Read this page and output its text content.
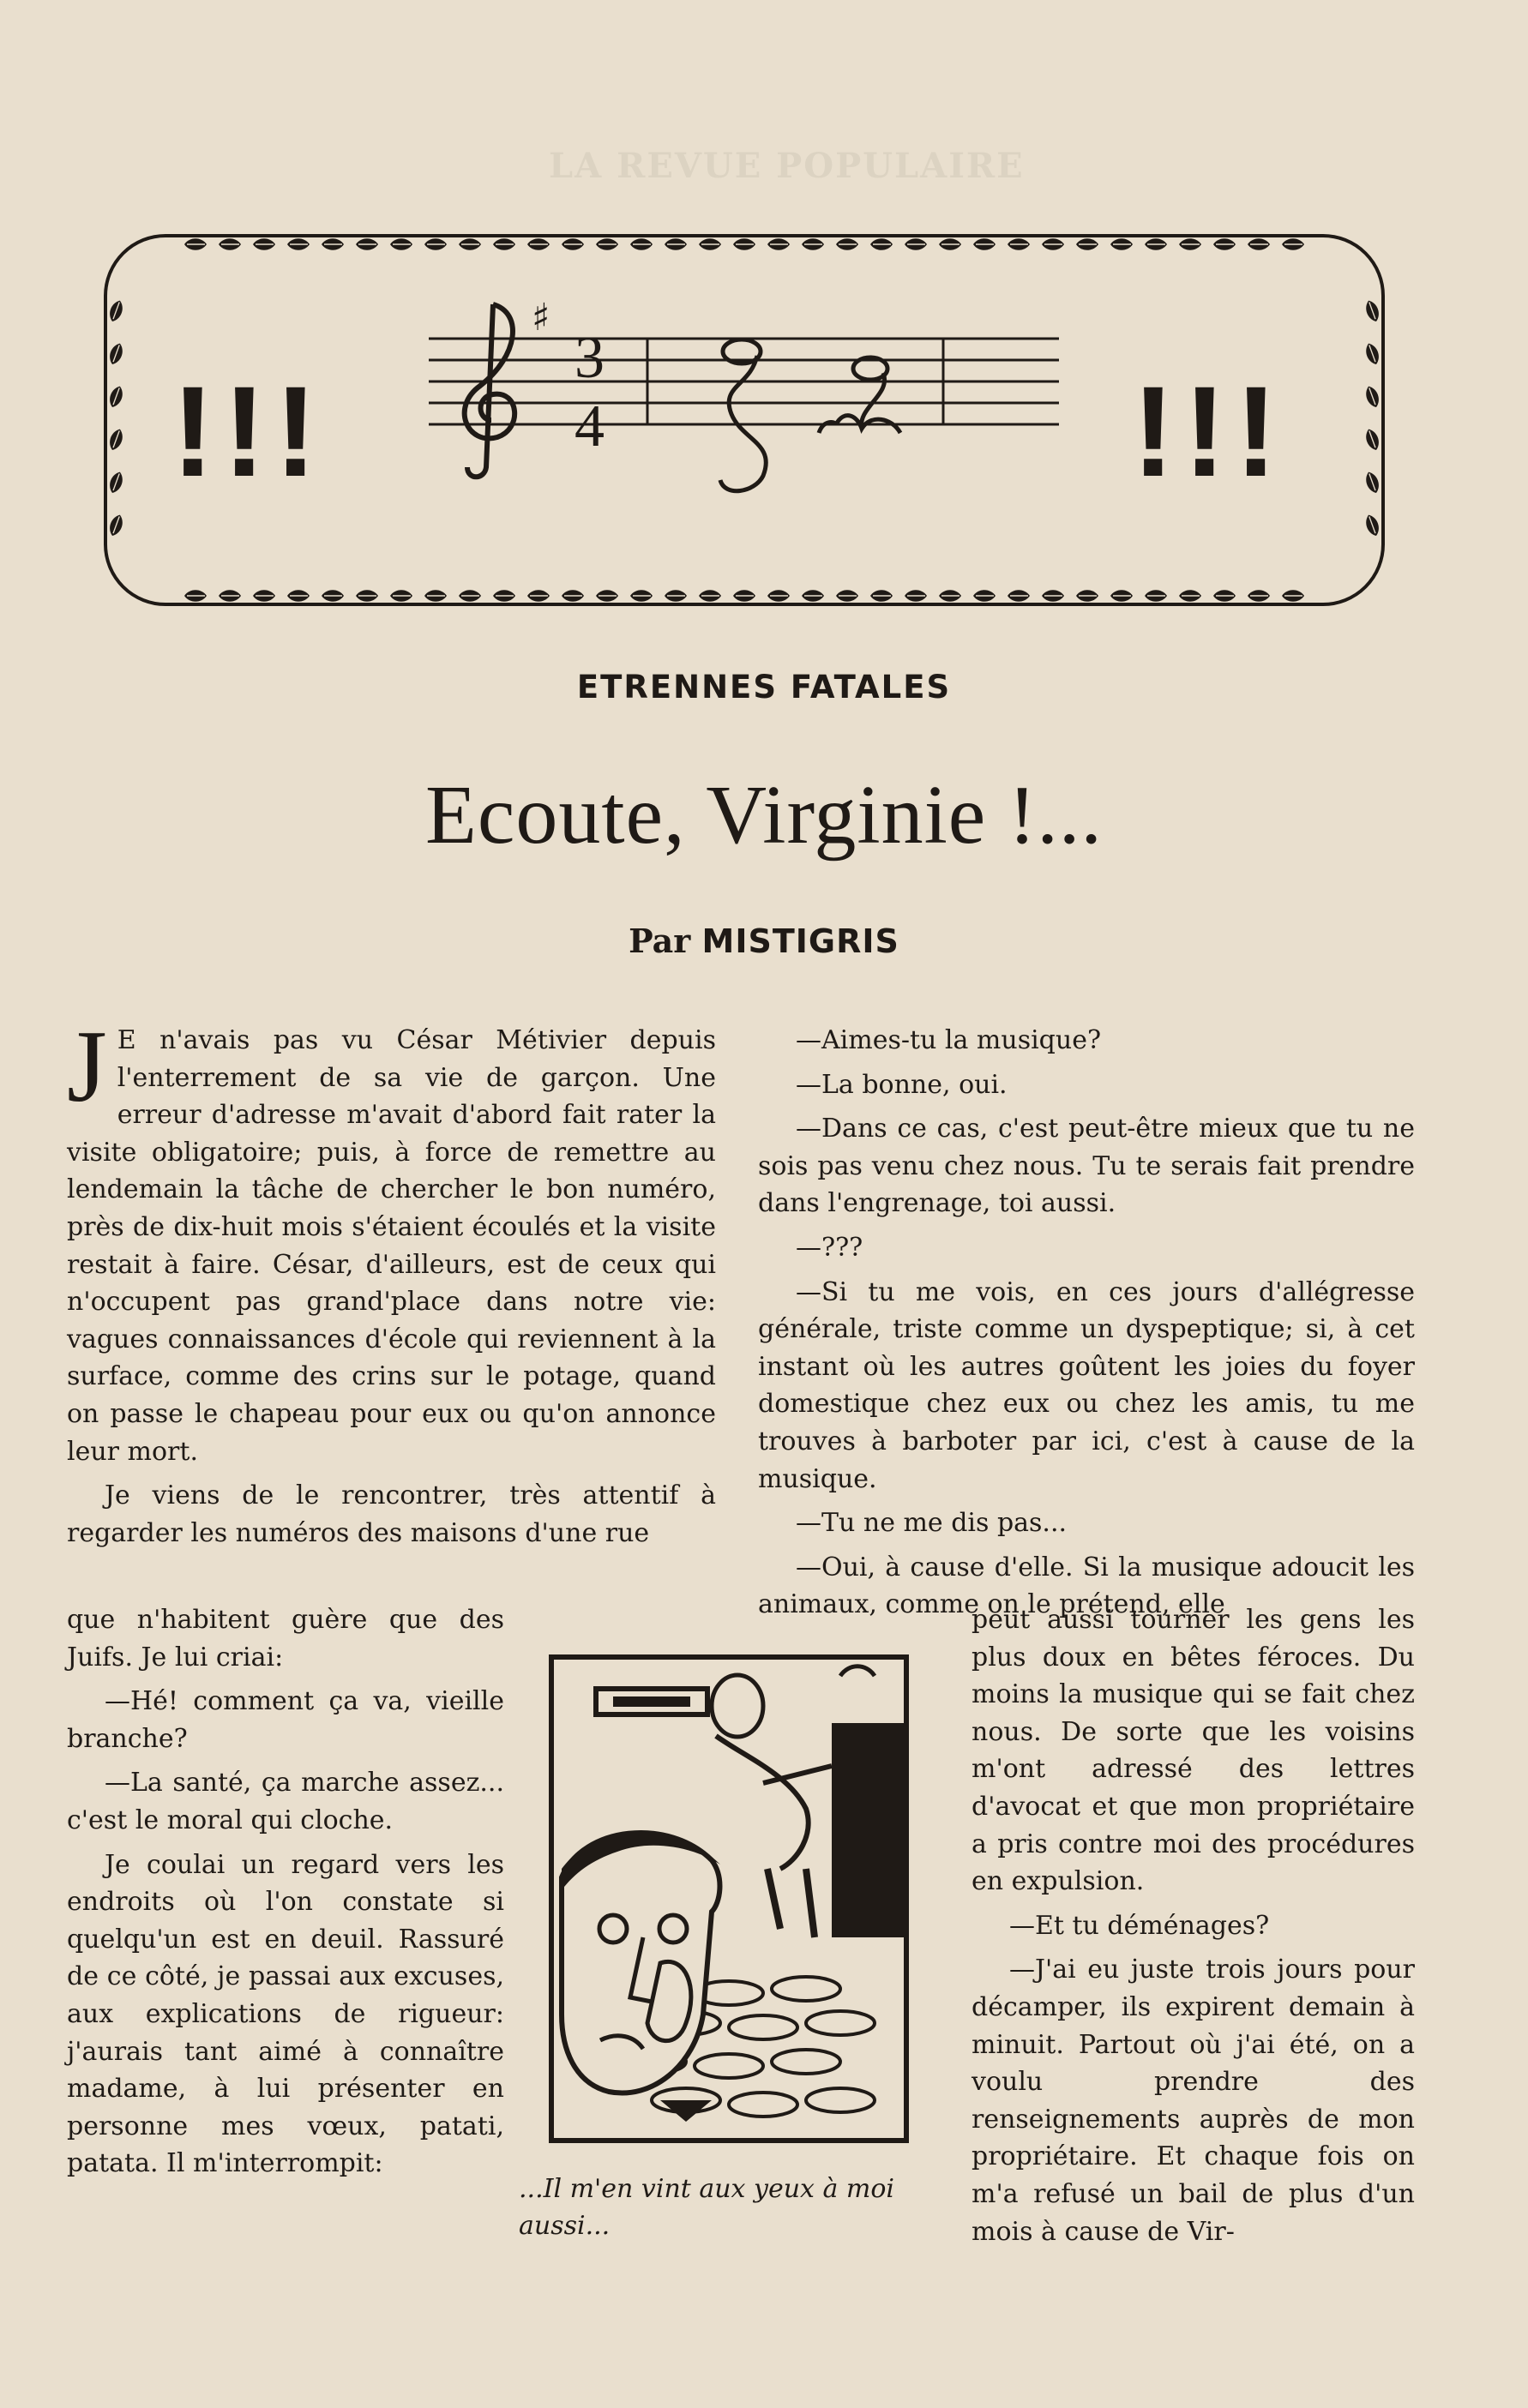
LA REVUE POPULAIRE
!!!	!!!
♯
3
4
ETRENNES FATALES
Ecoute, Virginie !...
Par MISTIGRIS

J E n'avais pas vu César Métivier depuis l'enterrement de sa vie de garçon. Une erreur d'adresse m'avait d'abord fait rater la visite obligatoire; puis, à force de remettre au lendemain la tâche de chercher le bon numéro, près de dix-huit mois s'étaient écoulés et la visite restait à faire. César, d'ailleurs, est de ceux qui n'occupent pas grand'place dans notre vie: vagues connaissances d'école qui reviennent à la surface, comme des crins sur le potage, quand on passe le chapeau pour eux ou qu'on annonce leur mort.

Je viens de le rencontrer, très attentif à regarder les numéros des maisons d'une rue

que n'habitent guère que des Juifs. Je lui criai:

—Hé! comment ça va, vieille branche?

—La santé, ça marche assez... c'est le moral qui cloche.

Je coulai un regard vers les endroits où l'on constate si quelqu'un est en deuil. Rassuré de ce côté, je passai aux excuses, aux explications de rigueur: j'aurais tant aimé à connaître madame, à lui présenter en personne mes vœux, patati, patata. Il m'interrompit:

—Aimes-tu la musique?

—La bonne, oui.

—Dans ce cas, c'est peut-être mieux que tu ne sois pas venu chez nous. Tu te serais fait prendre dans l'engrenage, toi aussi.

—???

—Si tu me vois, en ces jours d'allégresse générale, triste comme un dyspeptique; si, à cet instant où les autres goûtent les joies du foyer domestique chez eux ou chez les amis, tu me trouves à barboter par ici, c'est à cause de la musique.

—Tu ne me dis pas...

—Oui, à cause d'elle. Si la musique adoucit les animaux, comme on le prétend, elle

peut aussi tourner les gens les plus doux en bêtes féroces. Du moins la musique qui se fait chez nous. De sorte que les voisins m'ont adressé des lettres d'avocat et que mon propriétaire a pris contre moi des procédures en expulsion.

—Et tu déménages?

—J'ai eu juste trois jours pour décamper, ils expirent demain à minuit. Partout où j'ai été, on a voulu prendre des renseignements auprès de mon propriétaire. Et chaque fois on m'a refusé un bail de plus d'un mois à cause de Vir-

...Il m'en vint aux yeux à moi aussi...
